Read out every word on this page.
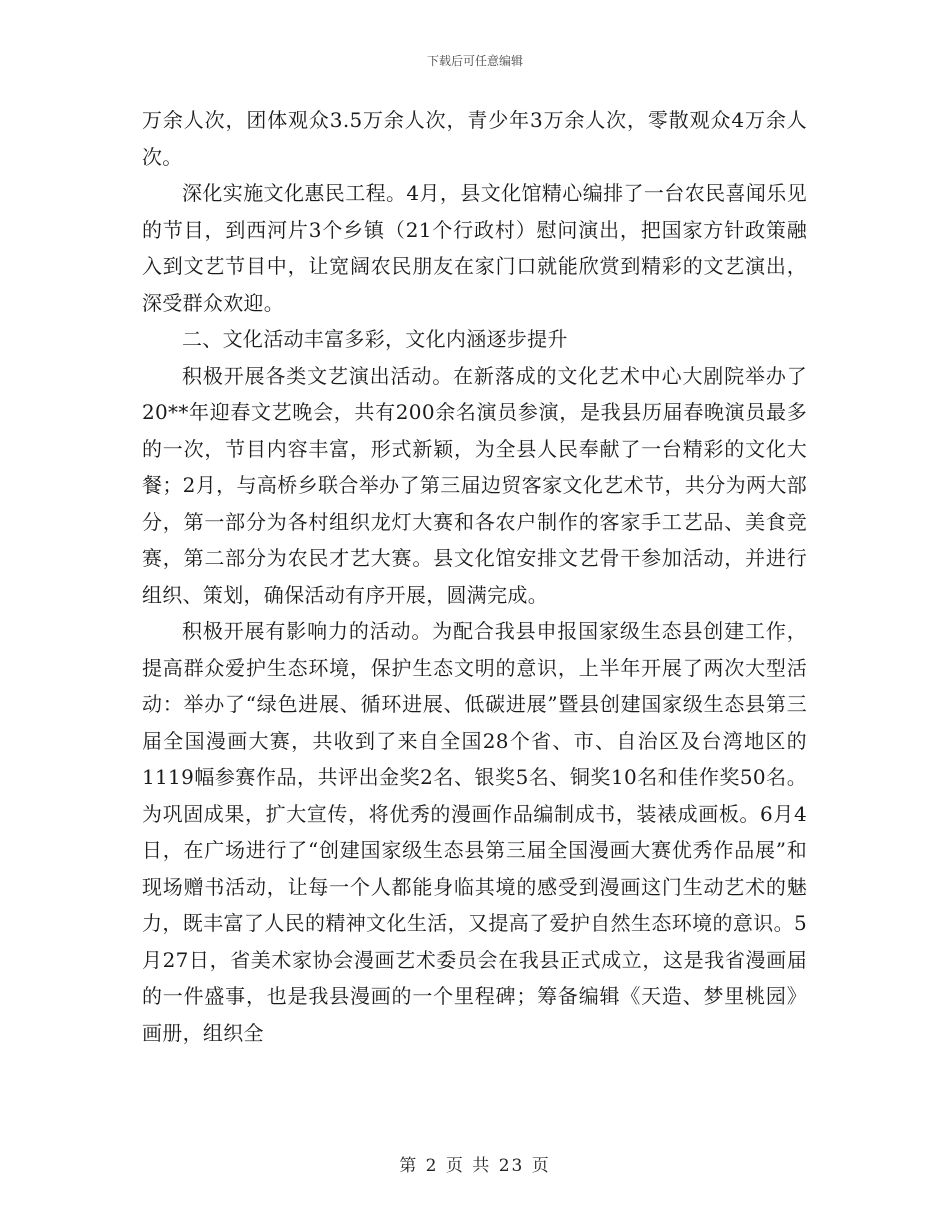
下载后可任意编辑

万余人次，团体观众3.5万余人次，青少年3万余人次，零散观众4万余人次。

深化实施文化惠民工程。4月，县文化馆精心编排了一台农民喜闻乐见的节目，到西河片3个乡镇（21个行政村）慰问演出，把国家方针政策融入到文艺节目中，让宽阔农民朋友在家门口就能欣赏到精彩的文艺演出，深受群众欢迎。

二、文化活动丰富多彩，文化内涵逐步提升

积极开展各类文艺演出活动。在新落成的文化艺术中心大剧院举办了20**年迎春文艺晚会，共有200余名演员参演，是我县历届春晚演员最多的一次，节目内容丰富，形式新颖，为全县人民奉献了一台精彩的文化大餐；2月，与高桥乡联合举办了第三届边贸客家文化艺术节，共分为两大部分，第一部分为各村组织龙灯大赛和各农户制作的客家手工艺品、美食竞赛，第二部分为农民才艺大赛。县文化馆安排文艺骨干参加活动，并进行组织、策划，确保活动有序开展，圆满完成。

积极开展有影响力的活动。为配合我县申报国家级生态县创建工作，提高群众爱护生态环境，保护生态文明的意识，上半年开展了两次大型活动：举办了“绿色进展、循环进展、低碳进展”暨县创建国家级生态县第三届全国漫画大赛，共收到了来自全国28个省、市、自治区及台湾地区的1119幅参赛作品，共评出金奖2名、银奖5名、铜奖10名和佳作奖50名。为巩固成果，扩大宣传，将优秀的漫画作品编制成书，装裱成画板。6月4日，在广场进行了“创建国家级生态县第三届全国漫画大赛优秀作品展”和现场赠书活动，让每一个人都能身临其境的感受到漫画这门生动艺术的魅力，既丰富了人民的精神文化生活，又提高了爱护自然生态环境的意识。5月27日，省美术家协会漫画艺术委员会在我县正式成立，这是我省漫画届的一件盛事，也是我县漫画的一个里程碑；筹备编辑《天造、梦里桃园》画册，组织全

第 2 页 共 23 页
